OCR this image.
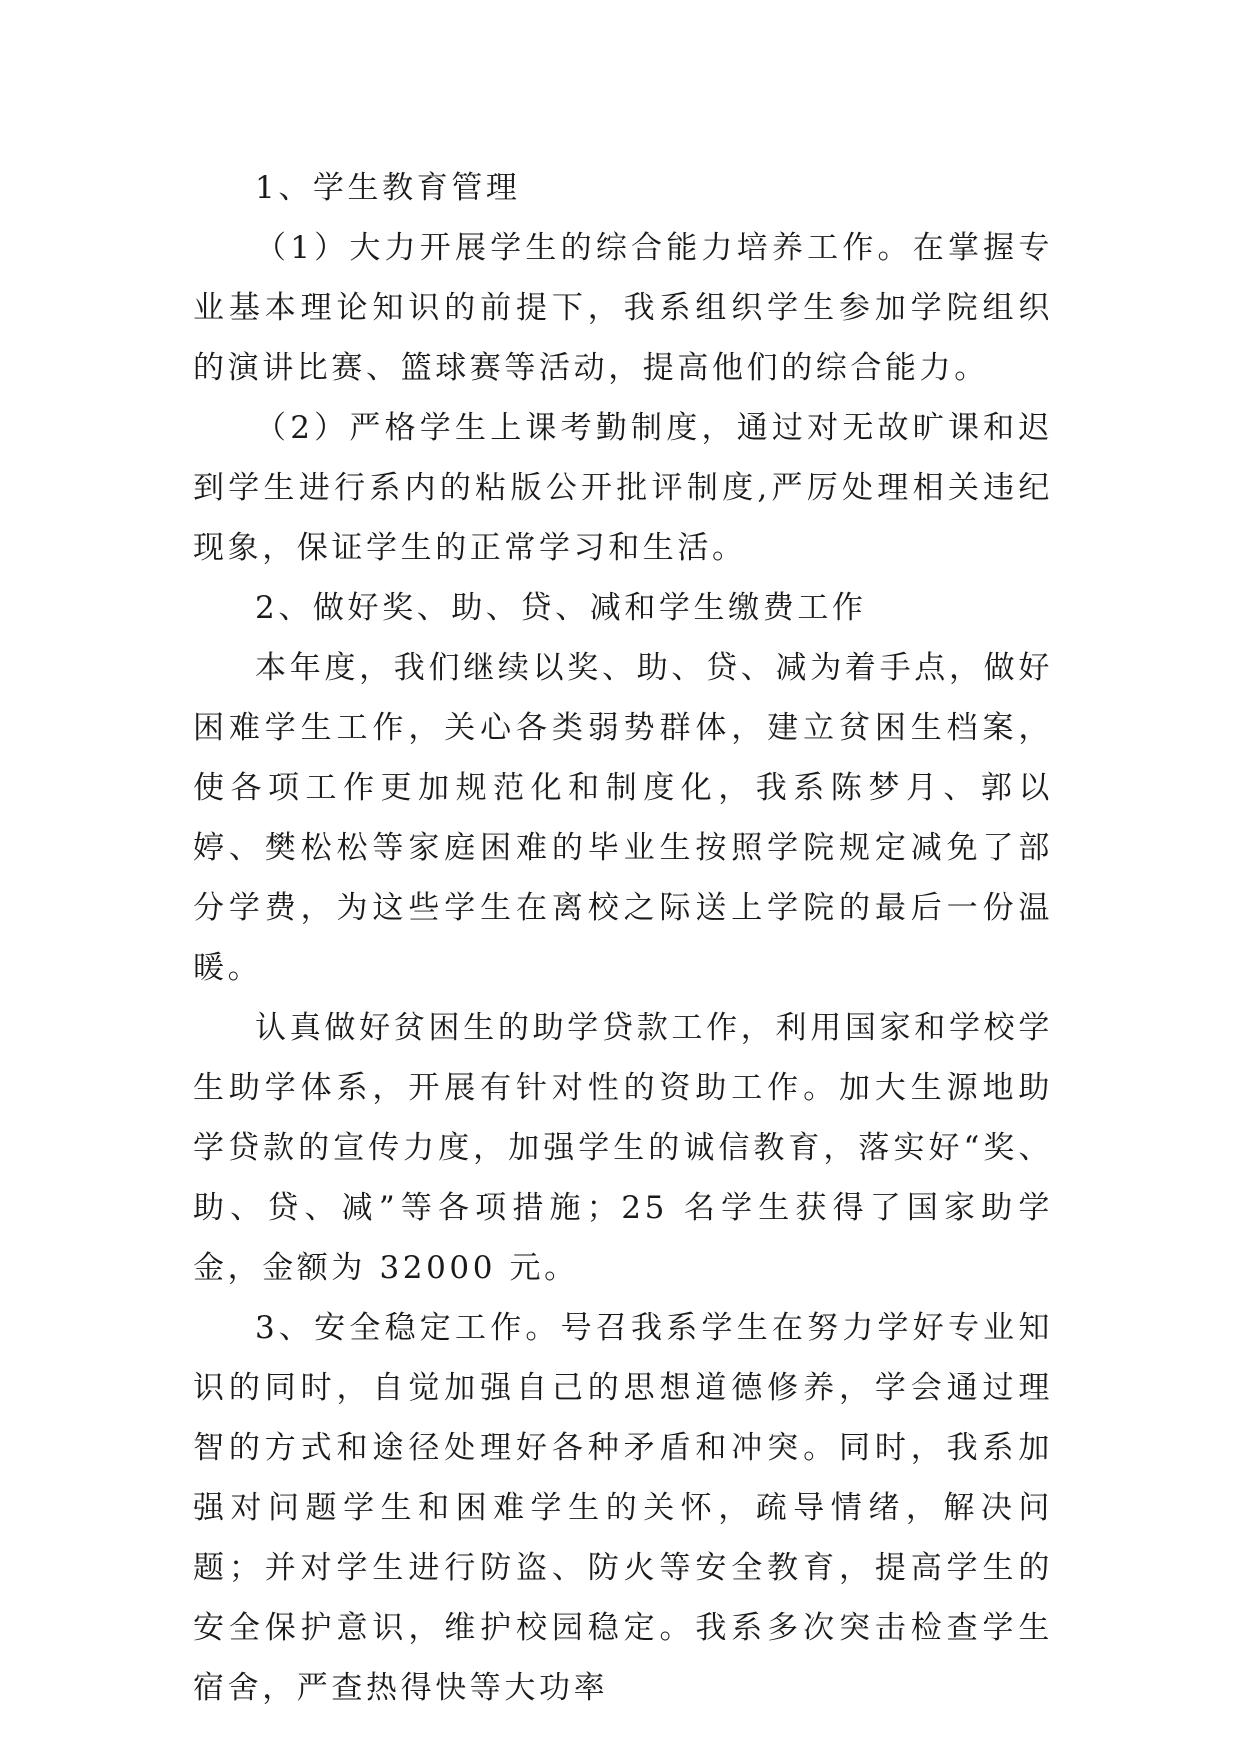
1、学生教育管理

（1）大力开展学生的综合能力培养工作。在掌握专业基本理论知识的前提下，我系组织学生参加学院组织的演讲比赛、篮球赛等活动，提高他们的综合能力。

（2）严格学生上课考勤制度，通过对无故旷课和迟到学生进行系内的粘版公开批评制度,严厉处理相关违纪现象，保证学生的正常学习和生活。

2、做好奖、助、贷、减和学生缴费工作

本年度，我们继续以奖、助、贷、减为着手点，做好困难学生工作，关心各类弱势群体，建立贫困生档案，使各项工作更加规范化和制度化，我系陈梦月、郭以婷、樊松松等家庭困难的毕业生按照学院规定减免了部分学费，为这些学生在离校之际送上学院的最后一份温暖。

认真做好贫困生的助学贷款工作，利用国家和学校学生助学体系，开展有针对性的资助工作。加大生源地助学贷款的宣传力度，加强学生的诚信教育，落实好“奖、助、贷、减”等各项措施；25 名学生获得了国家助学金，金额为 32000 元。

3、安全稳定工作。号召我系学生在努力学好专业知识的同时，自觉加强自己的思想道德修养，学会通过理智的方式和途径处理好各种矛盾和冲突。同时，我系加强对问题学生和困难学生的关怀，疏导情绪，解决问题；并对学生进行防盗、防火等安全教育，提高学生的安全保护意识，维护校园稳定。我系多次突击检查学生宿舍，严查热得快等大功率
